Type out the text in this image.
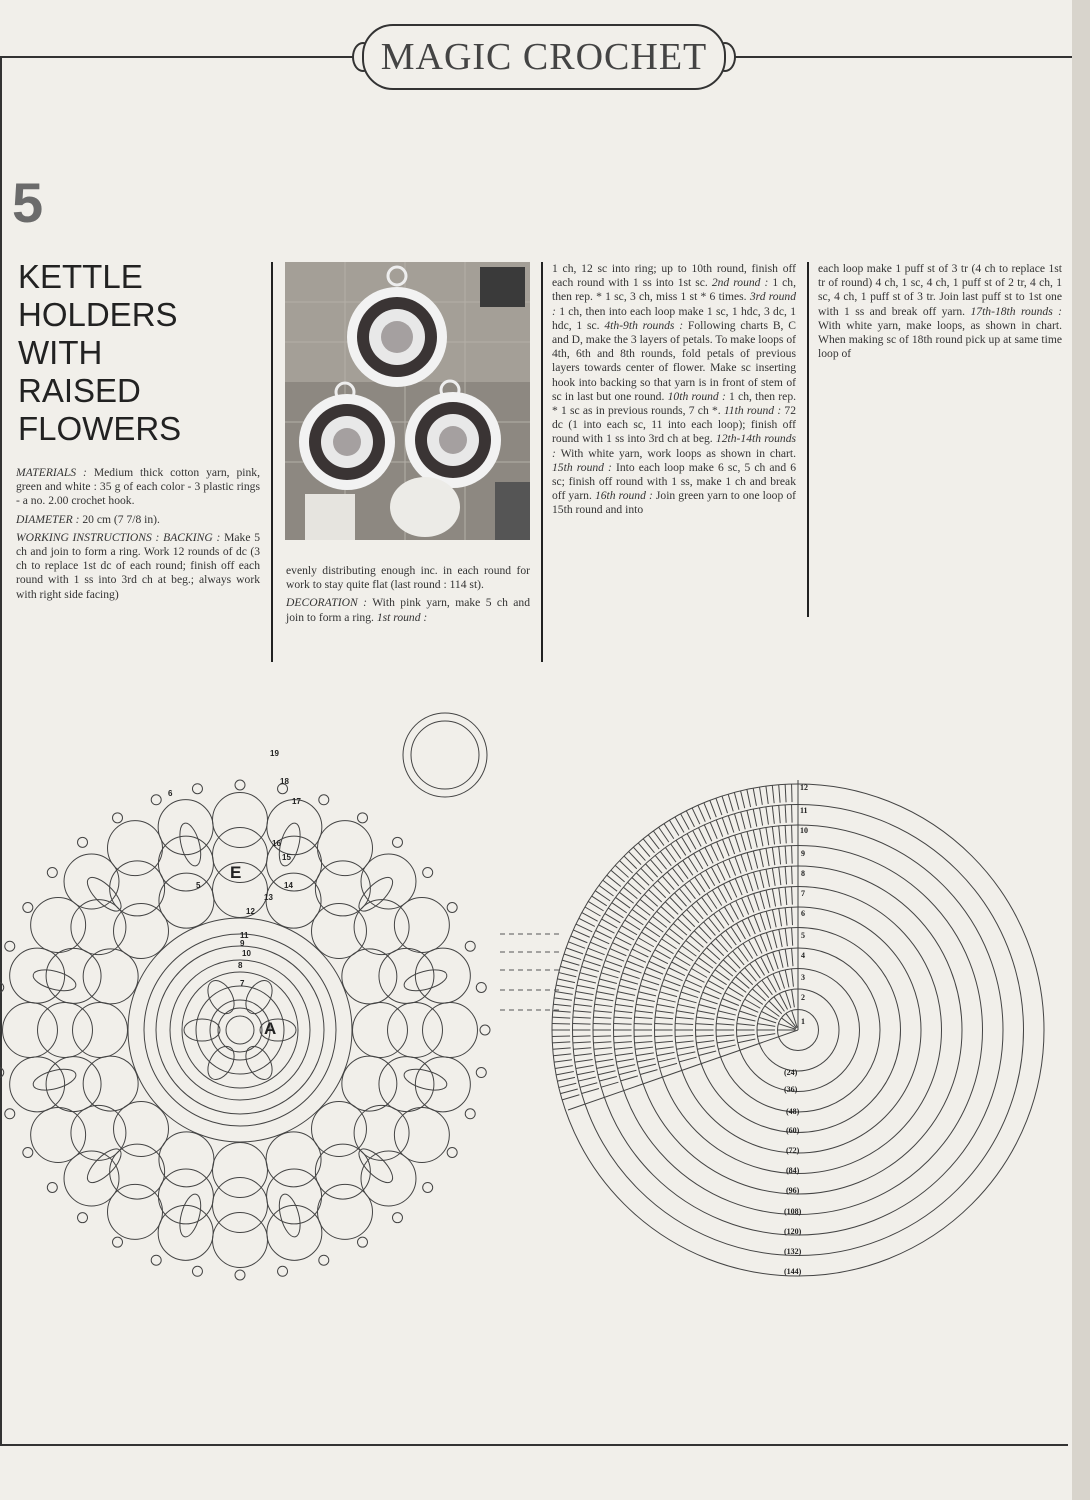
MAGIC CROCHET
5
KETTLE
HOLDERS
WITH
RAISED
FLOWERS

MATERIALS : Medium thick cotton yarn, pink, green and white : 35 g of each color - 3 plastic rings - a no. 2.00 crochet hook.

DIAMETER : 20 cm (7 7/8 in).

WORKING INSTRUCTIONS : BACKING : Make 5 ch and join to form a ring. Work 12 rounds of dc (3 ch to replace 1st dc of each round; finish off each round with 1 ss into 3rd ch at beg.; always work with right side facing)

evenly distributing enough inc. in each round for work to stay quite flat (last round : 114 st).

DECORATION : With pink yarn, make 5 ch and join to form a ring. 1st round :

1 ch, 12 sc into ring; up to 10th round, finish off each round with 1 ss into 1st sc. 2nd round : 1 ch, then rep. * 1 sc, 3 ch, miss 1 st * 6 times. 3rd round : 1 ch, then into each loop make 1 sc, 1 hdc, 3 dc, 1 hdc, 1 sc. 4th-9th rounds : Following charts B, C and D, make the 3 layers of petals. To make loops of 4th, 6th and 8th rounds, fold petals of previous layers towards center of flower. Make sc inserting hook into backing so that yarn is in front of stem of sc in last but one round. 10th round : 1 ch, then rep. * 1 sc as in previous rounds, 7 ch *. 11th round : 72 dc (1 into each sc, 11 into each loop); finish off round with 1 ss into 3rd ch at beg. 12th-14th rounds : With white yarn, work loops as shown in chart. 15th round : Into each loop make 6 sc, 5 ch and 6 sc; finish off round with 1 ss, make 1 ch and break off yarn. 16th round : Join green yarn to one loop of 15th round and into

each loop make 1 puff st of 3 tr (4 ch to replace 1st tr of round) 4 ch, 1 sc, 4 ch, 1 puff st of 2 tr, 4 ch, 1 sc, 4 ch, 1 puff st of 3 tr. Join last puff st to 1st one with 1 ss and break off yarn. 17th-18th rounds : With white yarn, make loops, as shown in chart. When making sc of 18th round pick up at same time loop of

A
E
19
18
17
16
15
14
13
12
11
10
9
8
7
6
5
12
11
10
9
8
7
6
5
4
3
2
1
(24)
(36)
(48)
(60)
(72)
(84)
(96)
(108)
(120)
(132)
(144)
